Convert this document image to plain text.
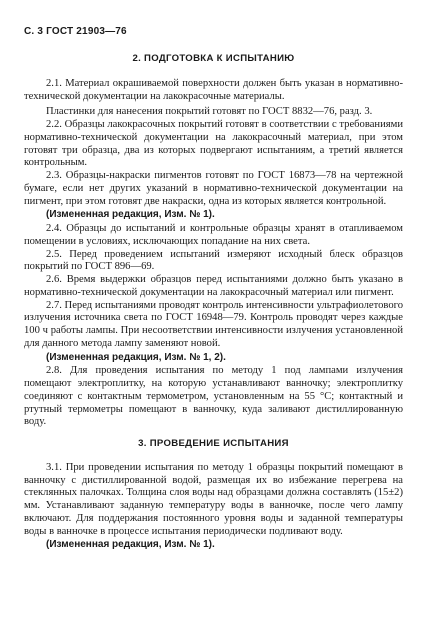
С. 3 ГОСТ 21903—76
2. ПОДГОТОВКА К ИСПЫТАНИЮ

2.1. Материал окрашиваемой поверхности должен быть указан в нормативно-технической документации на лакокрасочные материалы.

Пластинки для нанесения покрытий готовят по ГОСТ 8832—76, разд. 3.

2.2. Образцы лакокрасочных покрытий готовят в соответствии с требованиями нормативно-технической документации на лакокрасочный материал, при этом готовят три образца, два из которых подвергают испытаниям, а третий является контрольным.

2.3. Образцы-накраски пигментов готовят по ГОСТ 16873—78 на чертежной бумаге, если нет других указаний в нормативно-технической документации на пигмент, при этом готовят две накраски, одна из которых является контрольной.

(Измененная редакция, Изм. № 1).

2.4. Образцы до испытаний и контрольные образцы хранят в отапливаемом помещении в условиях, исключающих попадание на них света.

2.5. Перед проведением испытаний измеряют исходный блеск образцов покрытий по ГОСТ 896—69.

2.6. Время выдержки образцов перед испытаниями должно быть указано в нормативно-технической документации на лакокрасочный материал или пигмент.

2.7. Перед испытаниями проводят контроль интенсивности ультрафиолетового излучения источника света по ГОСТ 16948—79. Контроль проводят через каждые 100 ч работы лампы. При несоответствии интенсивности излучения установленной для данного метода лампу заменяют новой.

(Измененная редакция, Изм. № 1, 2).

2.8. Для проведения испытания по методу 1 под лампами излучения помещают электроплитку, на которую устанавливают ванночку; электроплитку соединяют с контактным термометром, установленным на 55 °С; контактный и ртутный термометры помещают в ванночку, куда заливают дистиллированную воду.

3. ПРОВЕДЕНИЕ ИСПЫТАНИЯ

3.1. При проведении испытания по методу 1 образцы покрытий помещают в ванночку с дистиллированной водой, размещая их во избежание перегрева на стеклянных палочках. Толщина слоя воды над образцами должна составлять (15±2) мм. Устанавливают заданную температуру воды в ванночке, после чего лампу включают. Для поддержания постоянного уровня воды и заданной температуры воды в ванночке в процессе испытания периодически подливают воду.

(Измененная редакция, Изм. № 1).
